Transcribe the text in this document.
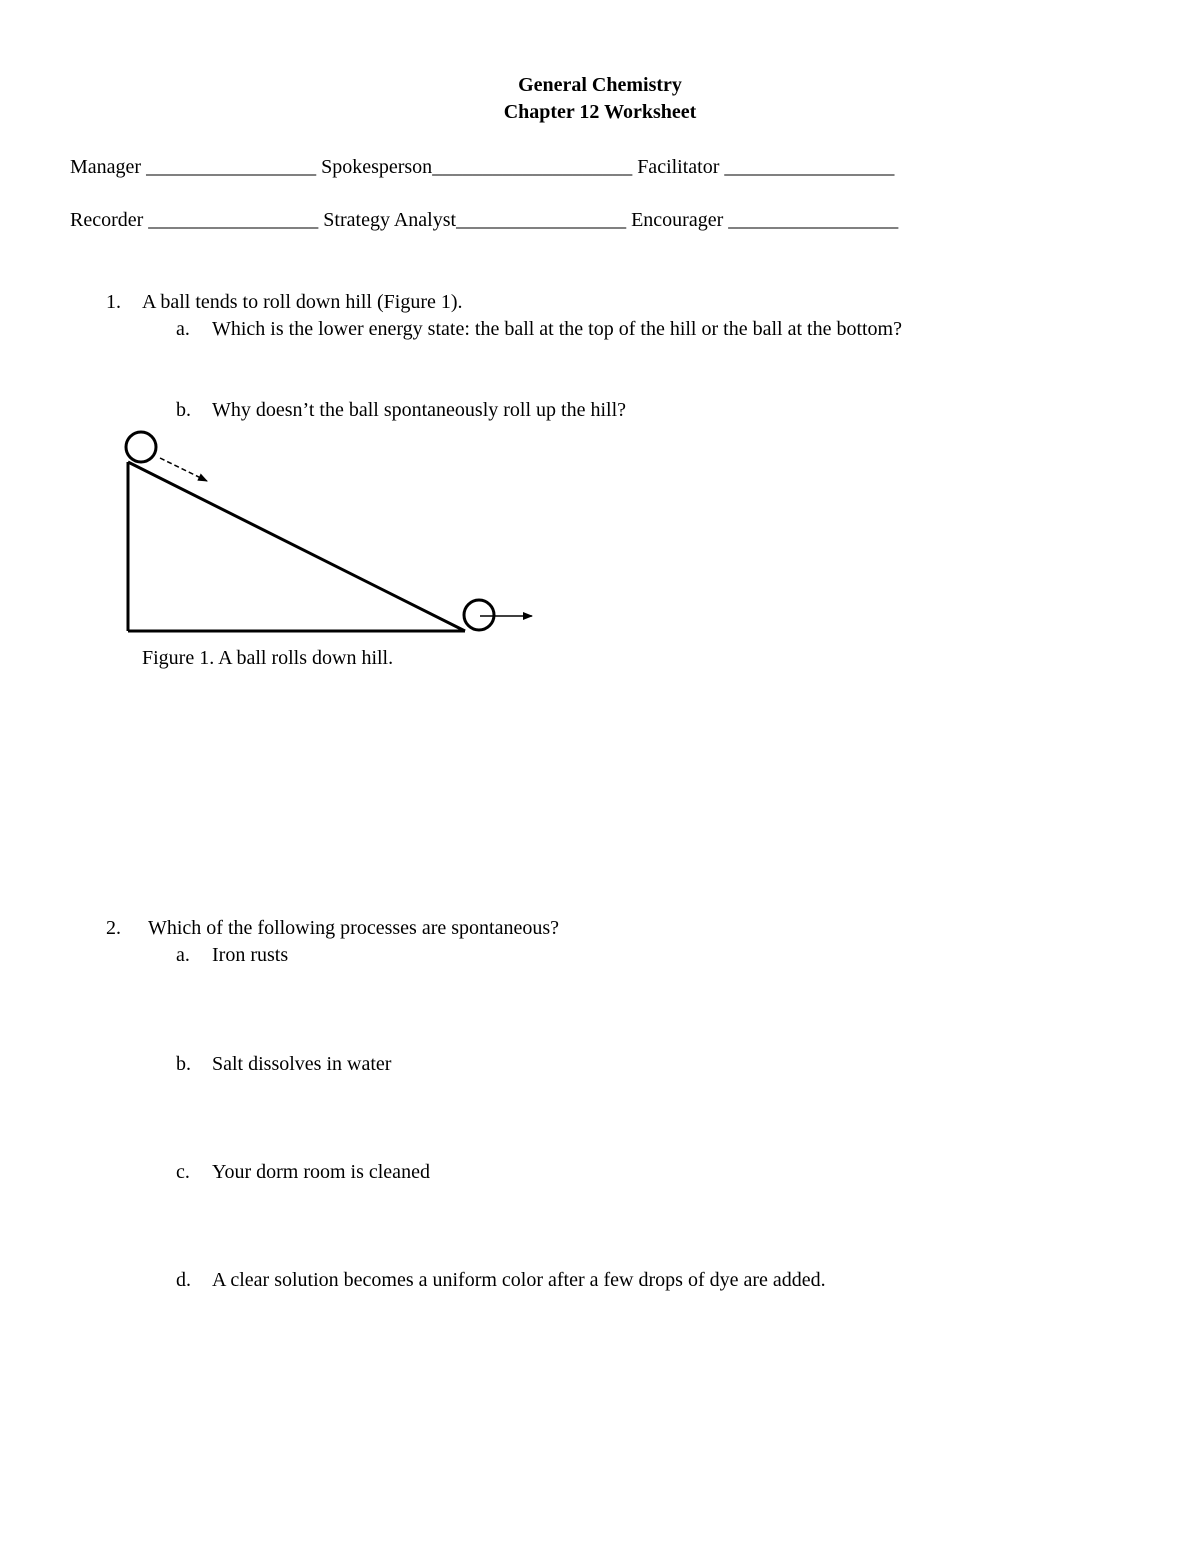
General Chemistry
Chapter 12 Worksheet
Manager _________________ Spokesperson____________________ Facilitator _________________
Recorder _________________ Strategy Analyst_________________ Encourager _________________
1. A ball tends to roll down hill (Figure 1).
a. Which is the lower energy state: the ball at the top of the hill or the ball at the bottom?
b. Why doesn’t the ball spontaneously roll up the hill?
Figure 1. A ball rolls down hill.
2. Which of the following processes are spontaneous?
a. Iron rusts
b. Salt dissolves in water
c. Your dorm room is cleaned
d. A clear solution becomes a uniform color after a few drops of dye are added.
